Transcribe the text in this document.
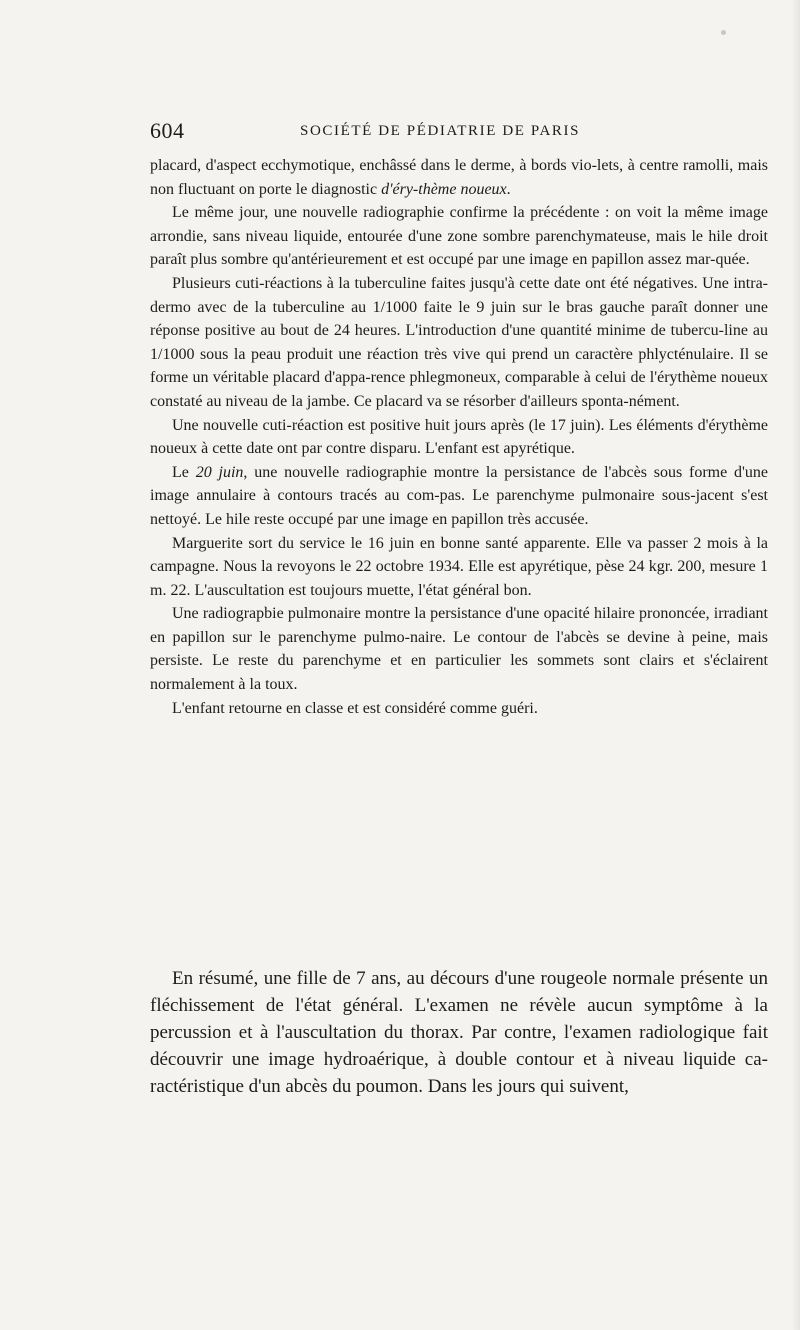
604	SOCIÉTÉ DE PÉDIATRIE DE PARIS

placard, d'aspect ecchymotique, enchâssé dans le derme, à bords vio-lets, à centre ramolli, mais non fluctuant on porte le diagnostic d'éry-thème noueux.

Le même jour, une nouvelle radiographie confirme la précédente : on voit la même image arrondie, sans niveau liquide, entourée d'une zone sombre parenchymateuse, mais le hile droit paraît plus sombre qu'antérieurement et est occupé par une image en papillon assez mar-quée.

Plusieurs cuti-réactions à la tuberculine faites jusqu'à cette date ont été négatives. Une intra-dermo avec de la tuberculine au 1/1000 faite le 9 juin sur le bras gauche paraît donner une réponse positive au bout de 24 heures. L'introduction d'une quantité minime de tubercu-line au 1/1000 sous la peau produit une réaction très vive qui prend un caractère phlycténulaire. Il se forme un véritable placard d'appa-rence phlegmoneux, comparable à celui de l'érythème noueux constaté au niveau de la jambe. Ce placard va se résorber d'ailleurs sponta-nément.

Une nouvelle cuti-réaction est positive huit jours après (le 17 juin). Les éléments d'érythème noueux à cette date ont par contre disparu. L'enfant est apyrétique.

Le 20 juin, une nouvelle radiographie montre la persistance de l'abcès sous forme d'une image annulaire à contours tracés au com-pas. Le parenchyme pulmonaire sous-jacent s'est nettoyé. Le hile reste occupé par une image en papillon très accusée.

Marguerite sort du service le 16 juin en bonne santé apparente. Elle va passer 2 mois à la campagne. Nous la revoyons le 22 octobre 1934. Elle est apyrétique, pèse 24 kgr. 200, mesure 1 m. 22. L'auscultation est toujours muette, l'état général bon.

Une radiograpbie pulmonaire montre la persistance d'une opacité hilaire prononcée, irradiant en papillon sur le parenchyme pulmo-naire. Le contour de l'abcès se devine à peine, mais persiste. Le reste du parenchyme et en particulier les sommets sont clairs et s'éclairent normalement à la toux.

L'enfant retourne en classe et est considéré comme guéri.

En résumé, une fille de 7 ans, au décours d'une rougeole normale présente un fléchissement de l'état général. L'examen ne révèle aucun symptôme à la percussion et à l'auscultation du thorax. Par contre, l'examen radiologique fait découvrir une image hydroaérique, à double contour et à niveau liquide ca-ractéristique d'un abcès du poumon. Dans les jours qui suivent,
